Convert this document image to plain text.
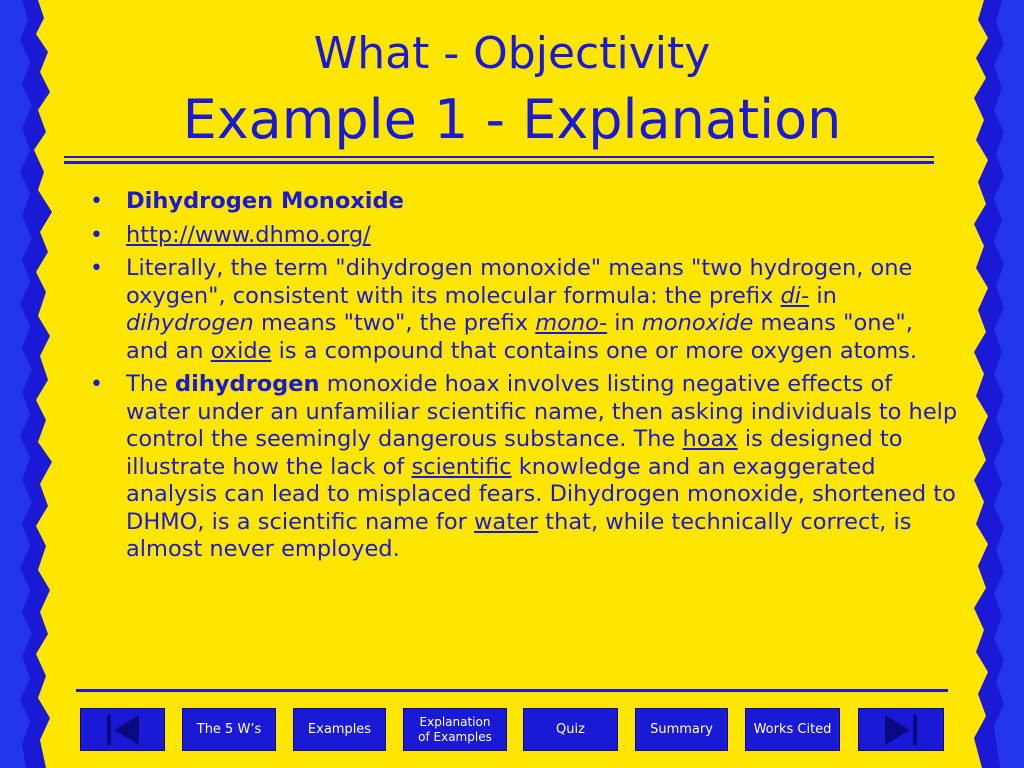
What - Objectivity
Example 1 - Explanation
• Dihydrogen Monoxide
• http://www.dhmo.org/
• Literally, the term "dihydrogen monoxide" means "two hydrogen, one oxygen", consistent with its molecular formula: the prefix di- in dihydrogen means "two", the prefix mono- in monoxide means "one", and an oxide is a compound that contains one or more oxygen atoms.
• The dihydrogen monoxide hoax involves listing negative effects of water under an unfamiliar scientific name, then asking individuals to help control the seemingly dangerous substance. The hoax is designed to illustrate how the lack of scientific knowledge and an exaggerated analysis can lead to misplaced fears. Dihydrogen monoxide, shortened to DHMO, is a scientific name for water that, while technically correct, is almost never employed.
The 5 W’s	Examples
Explanation
of Examples	Quiz	Summary	Works Cited
